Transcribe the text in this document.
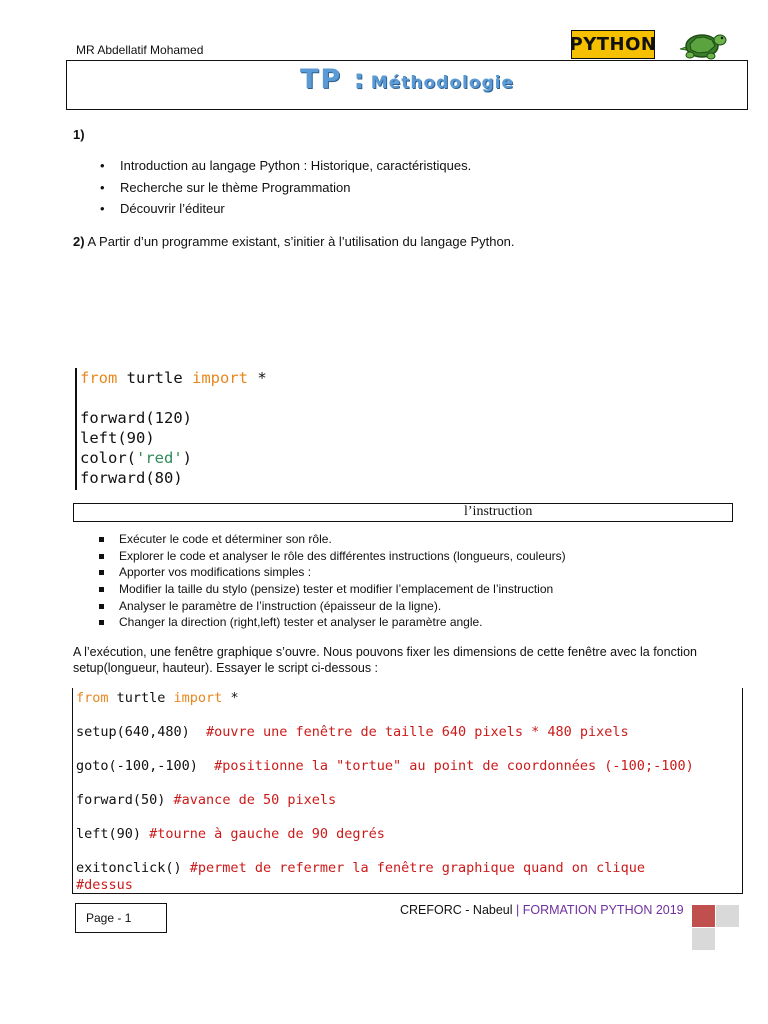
MR Abdellatif Mohamed	PYTHON
TP : Méthodologie
1)
• Introduction au langage Python : Historique, caractéristiques.
• Recherche sur le thème Programmation
• Découvrir l’éditeur
2) A Partir d’un programme existant, s’initier à l’utilisation du langage Python.
from turtle import *
forward(120)
left(90)
color('red')
forward(80)
l’instruction
Exécuter le code et déterminer son rôle.
Explorer le code et analyser le rôle des différentes instructions (longueurs, couleurs)
Apporter vos modifications simples :
Modifier la taille du stylo (pensize) tester et modifier l’emplacement de l’instruction
Analyser le paramètre de l’instruction (épaisseur de la ligne).
Changer la direction (right,left) tester et analyser le paramètre angle.
A l’exécution, une fenêtre graphique s’ouvre. Nous pouvons fixer les dimensions de cette fenêtre avec la fonction setup(longueur, hauteur). Essayer le script ci-dessous :
from turtle import *
setup(640,480)  #ouvre une fenêtre de taille 640 pixels * 480 pixels
goto(-100,-100)  #positionne la "tortue" au point de coordonnées (-100;-100)
forward(50) #avance de 50 pixels
left(90) #tourne à gauche de 90 degrés
exitonclick() #permet de refermer la fenêtre graphique quand on clique
#dessus
Page - 1
CREFORC - Nabeul | FORMATION PYTHON 2019
